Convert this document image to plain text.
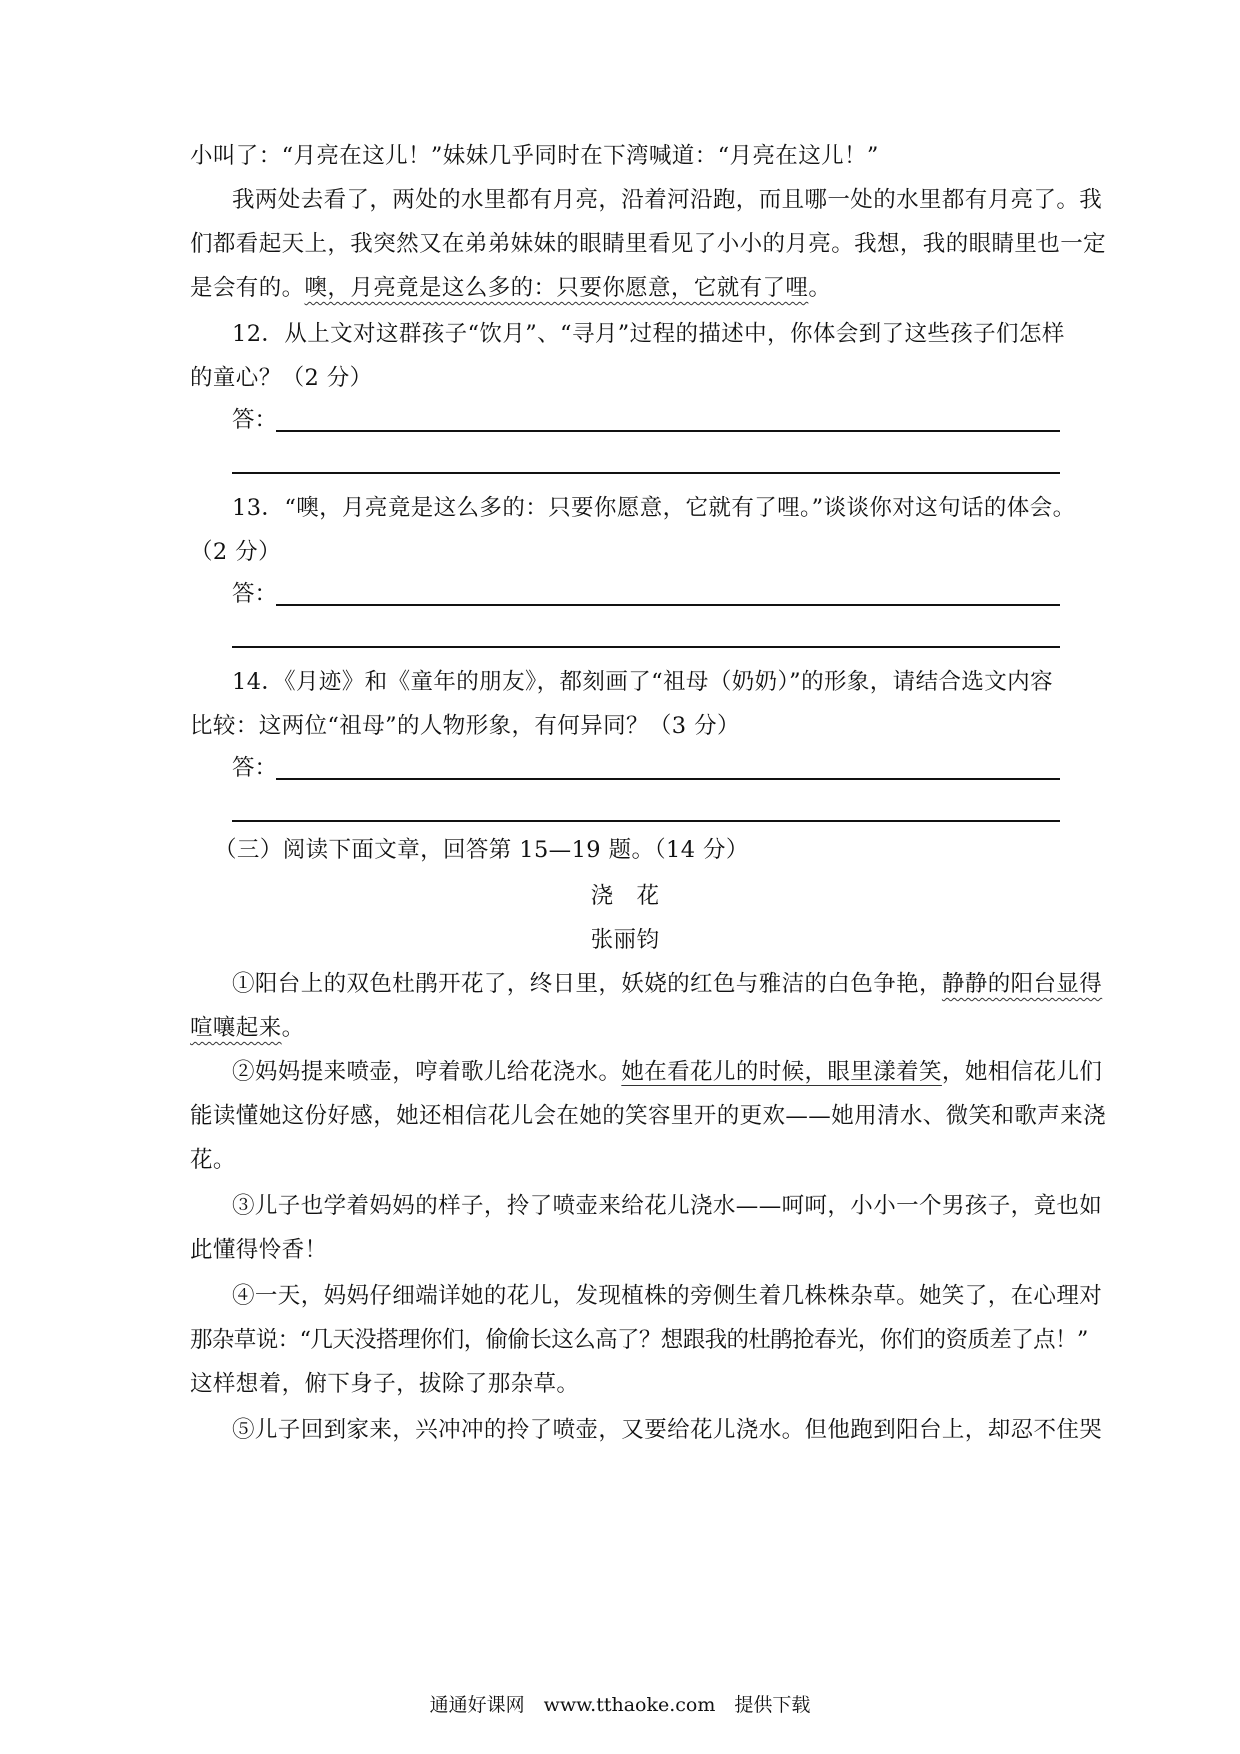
小叫了：“月亮在这儿！”妹妹几乎同时在下湾喊道：“月亮在这儿！”
我两处去看了，两处的水里都有月亮，沿着河沿跑，而且哪一处的水里都有月亮了。我
们都看起天上，我突然又在弟弟妹妹的眼睛里看见了小小的月亮。我想，我的眼睛里也一定
是会有的。噢，月亮竟是这么多的：只要你愿意，它就有了哩。
12．从上文对这群孩子“饮月”、“寻月”过程的描述中，你体会到了这些孩子们怎样
的童心？（2 分）
答：
13．“噢，月亮竟是这么多的：只要你愿意，它就有了哩。”谈谈你对这句话的体会。
（2 分）
答：
14．《月迹》和《童年的朋友》，都刻画了“祖母（奶奶）”的形象，请结合选文内容
比较：这两位“祖母”的人物形象，有何异同？（3 分）
答：
（三）阅读下面文章，回答第 15—19 题。（14 分）
浇　花
张丽钧
①阳台上的双色杜鹃开花了，终日里，妖娆的红色与雅洁的白色争艳，静静的阳台显得
喧嚷起来。
②妈妈提来喷壶，哼着歌儿给花浇水。她在看花儿的时候，眼里漾着笑，她相信花儿们
能读懂她这份好感，她还相信花儿会在她的笑容里开的更欢——她用清水、微笑和歌声来浇
花。
③儿子也学着妈妈的样子，拎了喷壶来给花儿浇水——呵呵，小小一个男孩子，竟也如
此懂得怜香！
④一天，妈妈仔细端详她的花儿，发现植株的旁侧生着几株株杂草。她笑了，在心理对
那杂草说：“几天没搭理你们，偷偷长这么高了？想跟我的杜鹃抢春光，你们的资质差了点！”
这样想着，俯下身子，拔除了那杂草。
⑤儿子回到家来，兴冲冲的拎了喷壶，又要给花儿浇水。但他跑到阳台上，却忍不住哭
通通好课网　www.tthaoke.com　提供下载
